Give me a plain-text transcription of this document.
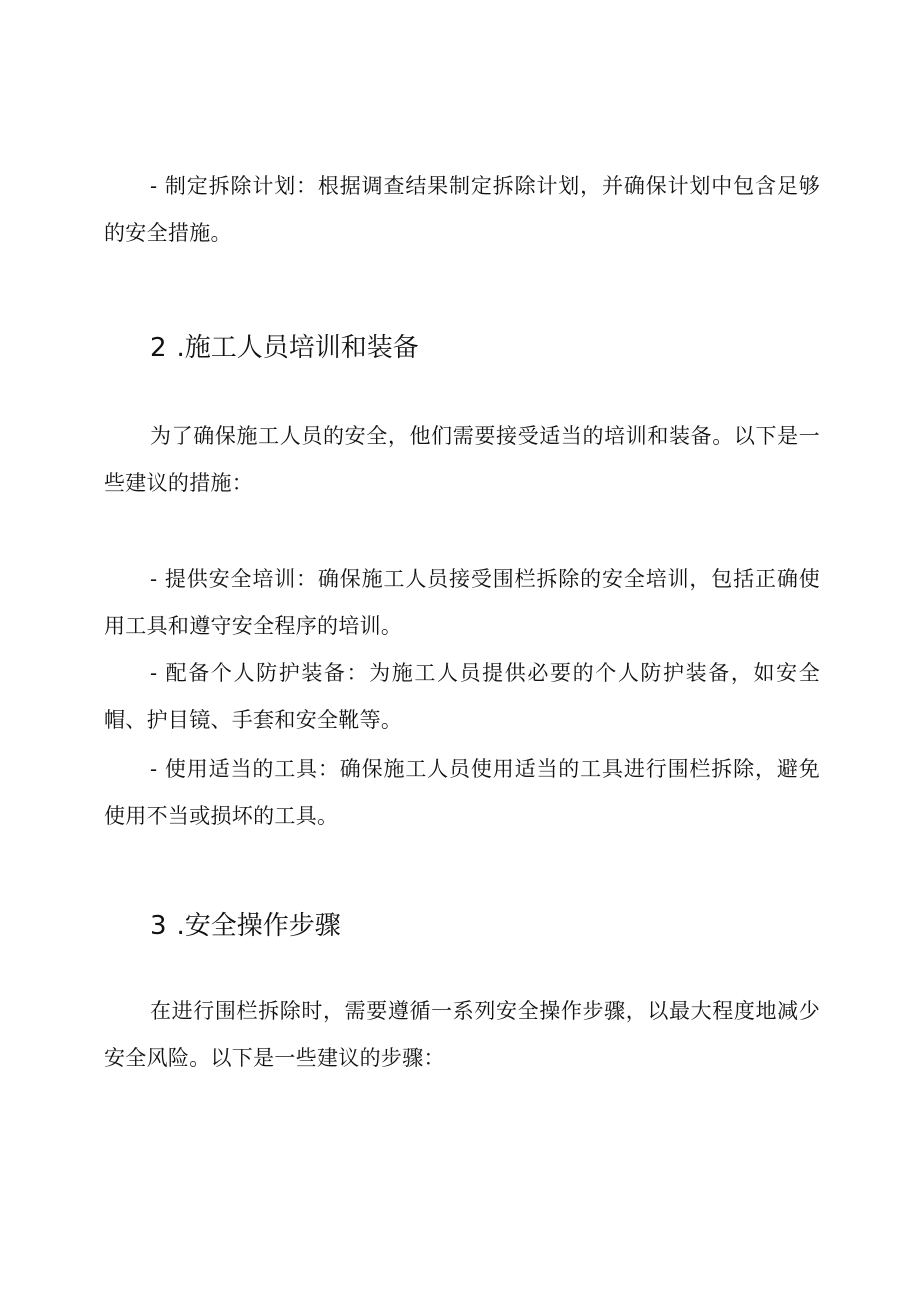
- 制定拆除计划：根据调查结果制定拆除计划，并确保计划中包含足够的安全措施。

2 .施工人员培训和装备

为了确保施工人员的安全，他们需要接受适当的培训和装备。以下是一些建议的措施：

- 提供安全培训：确保施工人员接受围栏拆除的安全培训，包括正确使用工具和遵守安全程序的培训。

- 配备个人防护装备：为施工人员提供必要的个人防护装备，如安全帽、护目镜、手套和安全靴等。

- 使用适当的工具：确保施工人员使用适当的工具进行围栏拆除，避免使用不当或损坏的工具。

3 .安全操作步骤

在进行围栏拆除时，需要遵循一系列安全操作步骤，以最大程度地减少安全风险。以下是一些建议的步骤：
